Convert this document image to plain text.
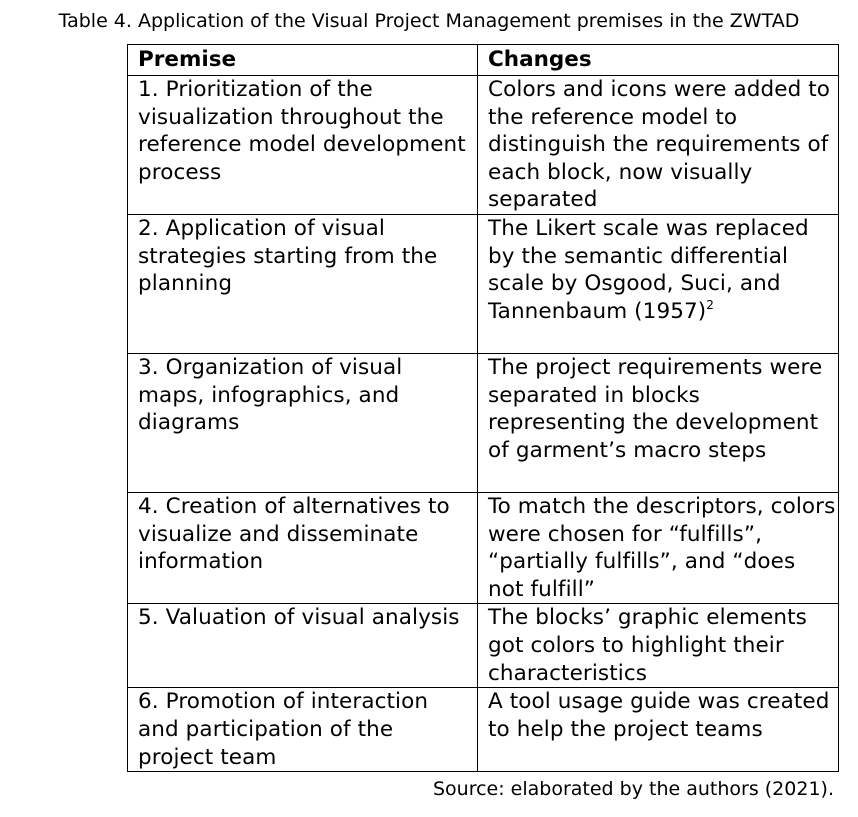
Table 4. Application of the Visual Project Management premises in the ZWTAD
Premise	Changes

1. Prioritization of the visualization throughout the reference model development process	Colors and icons were added to the reference model to distinguish the requirements of each block, now visually separated

2. Application of visual strategies starting from the planning	The Likert scale was replaced by the semantic differential scale by Osgood, Suci, and Tannenbaum $(1957)^2$

3. Organization of visual maps, infographics, and diagrams	The project requirements were separated in blocks representing the development of garment’s macro steps

4. Creation of alternatives to visualize and disseminate information	To match the descriptors, colors were chosen for “fulfills”, “partially fulfills”, and “does not fulfill”

5. Valuation of visual analysis	The blocks’ graphic elements got colors to highlight their characteristics

6. Promotion of interaction and participation of the project team	A tool usage guide was created to help the project teams
Source: elaborated by the authors (2021).
